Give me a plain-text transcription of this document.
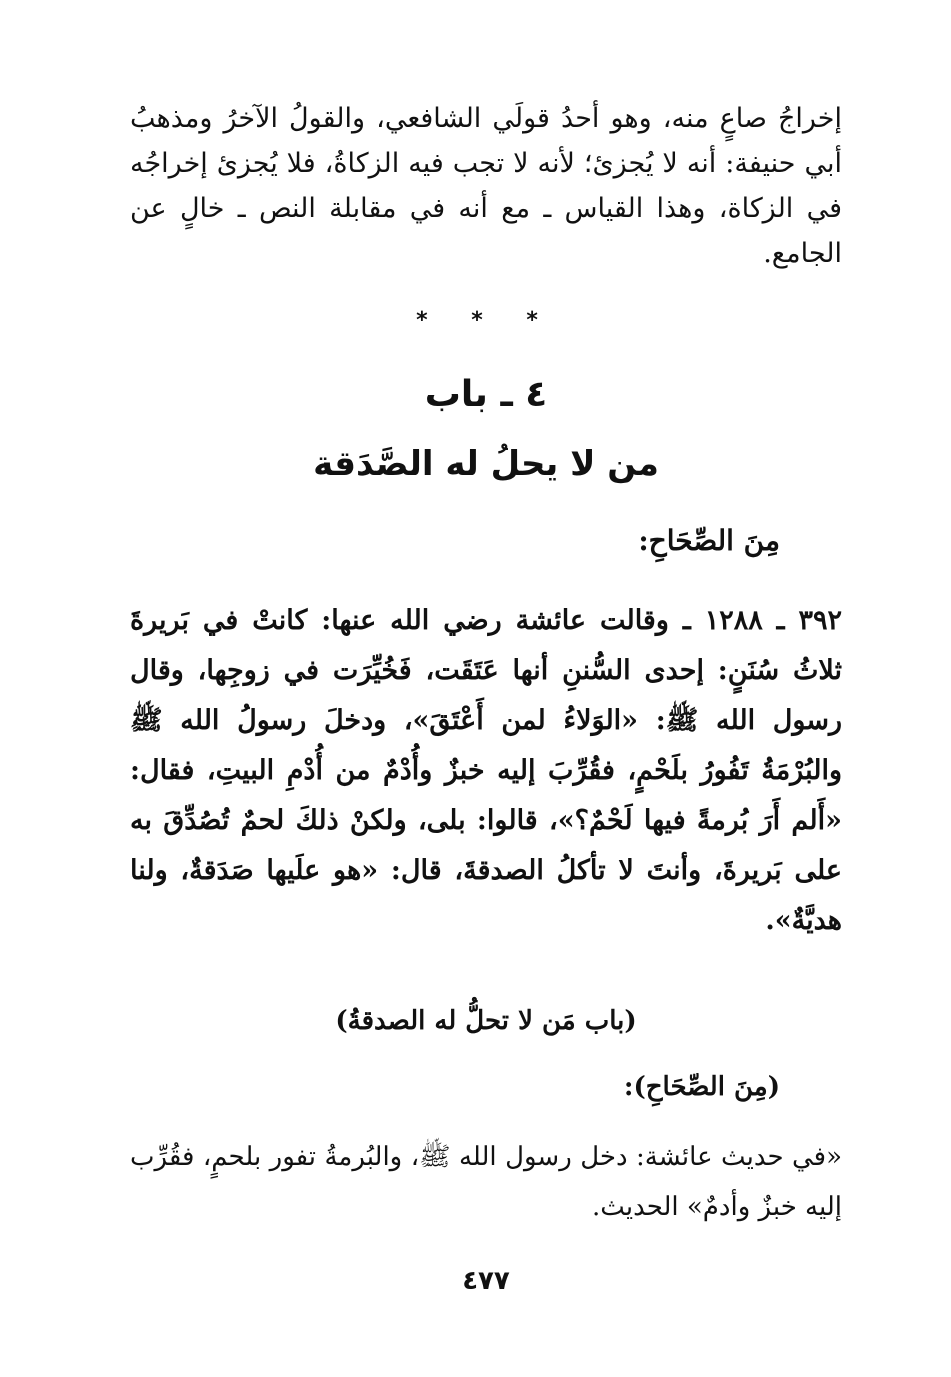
إخراجُ صاعٍ منه، وهو أحدُ قولَي الشافعي، والقولُ الآخرُ ومذهبُ أبي حنيفة: أنه لا يُجزئ؛ لأنه لا تجب فيه الزكاةُ، فلا يُجزئ إخراجُه في الزكاة، وهذا القياس ـ مع أنه في مقابلة النص ـ خالٍ عن الجامع.

* * *
٤ ـ باب
من لا يحلُ له الصَّدَقة
مِنَ الصِّحَاحِ:

٣٩٢ ـ ١٢٨٨ ـ وقالت عائشة رضي الله عنها: كانتْ في بَريرةَ ثلاثُ سُنَنٍ: إحدى السُّننِ أنها عَتَقَت، فَخُيِّرَت في زوجِها، وقال رسول الله ﷺ: «الوَلاءُ لمن أَعْتَقَ»، ودخلَ رسولُ الله ﷺ والبُرْمَةُ تَفُورُ بلَحْمٍ، فقُرِّبَ إليه خبزٌ وأُدْمٌ من أُدْمِ البيتِ، فقال: «أَلم أَرَ بُرمةً فيها لَحْمٌ؟»، قالوا: بلى، ولكنْ ذلكَ لحمٌ تُصُدِّقَ به على بَريرةَ، وأنتَ لا تأكلُ الصدقةَ، قال: «هو علَيها صَدَقةٌ، ولنا هديَّةٌ».

(باب مَن لا تحلُّ له الصدقةُ)
(مِنَ الصِّحَاحِ):

«في حديث عائشة: دخل رسول الله ﷺ، والبُرمةُ تفور بلحمٍ، فقُرِّب إليه خبزٌ وأدمٌ» الحديث.

٤٧٧
